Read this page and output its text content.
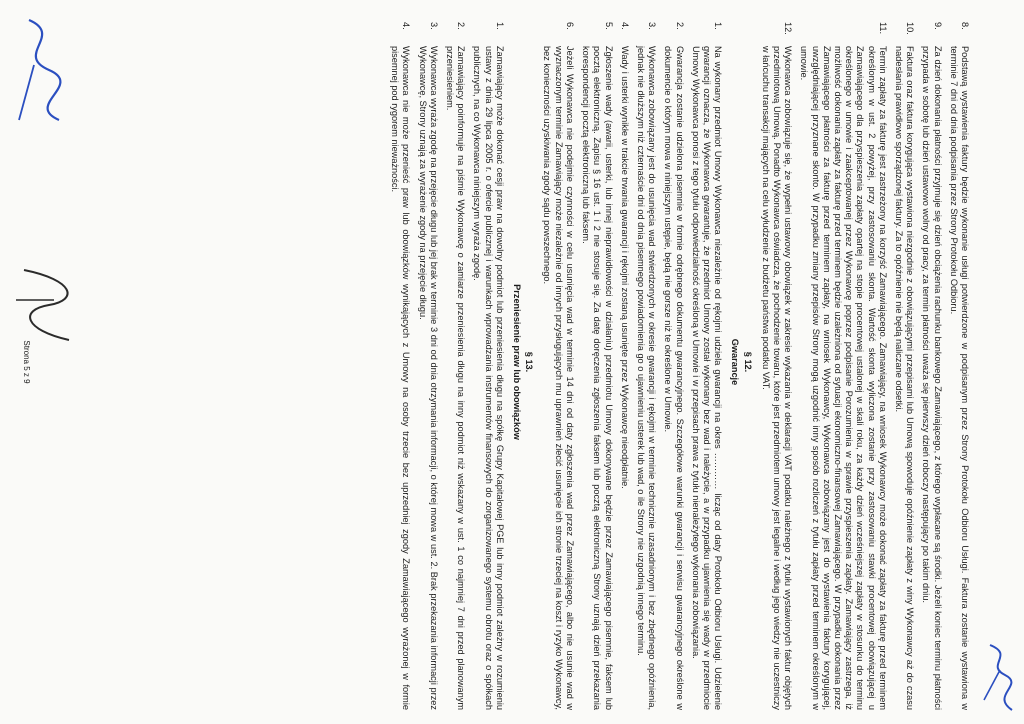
8.
Podstawą wystawienia faktury będzie wykonanie usługi potwierdzone w podpisanym przez Strony Protokołu Odbioru Usługi. Faktura zostanie wystawiona w terminie 7 dni od dnia podpisania przez Strony Protokołu Odbioru.
9.
Za dzień dokonania płatności przyjmuje się dzień obciążenia rachunku bankowego Zamawiającego, z którego wypłacane są środki. Jeżeli koniec terminu płatności przypada w sobotę lub dzień ustawowo wolny od pracy, za termin płatności uważa się pierwszy dzień roboczy następujący po takim dniu.
10.
Faktura oraz faktura korygująca wystawiona niezgodnie z obowiązującymi przepisami lub Umową spowoduje opóźnienie zapłaty z winy Wykonawcy aż do czasu nadesłania prawidłowo sporządzonej faktury. Za to opóźnienie nie będą naliczane odsetki.
11.
Termin zapłaty za fakturę jest zastrzeżony na korzyść Zamawiającego. Zamawiający, na wniosek Wykonawcy może dokonać zapłaty za fakturę przed terminem określonym w ust. 2 powyżej, przy zastosowaniu skonta. Wartość skonta wyliczona zostanie przy zastosowaniu stawki procentowej obowiązującej u Zamawiającego dla przyspieszenia zapłaty opartej na stopie procentowej ustalonej w skali roku, za każdy dzień wcześniejszej zapłaty w stosunku do terminu określonego w umowie i zaakceptowanej przez Wykonawcę poprzez podpisanie Porozumienia w sprawie przyspieszenia zapłaty. Zamawiający zastrzega, iż możliwość dokonania zapłaty za fakturę przed terminem będzie uzależniona od sytuacji ekonomiczno-finansowej Zamawiającego. W przypadku dokonania przez Zamawiającego płatności za fakturę przed terminem zapłaty, na wniosek Wykonawcy, Wykonawca zobowiązany jest do wystawienia faktury korygującej, uwzględniającej przyznane skonto. W przypadku zmiany przepisów Strony mogą uzgodnić inny sposób rozliczeń z tytułu zapłaty przed terminem określonym w umowie.
12.
Wykonawca zobowiązuje się, że wypełni ustawowy obowiązek w zakresie wykazania w deklaracji VAT podatku należnego z tytułu wystawionych faktur objętych przedmiotową Umową. Ponadto Wykonawca oświadcza, że pochodzenie towaru, które jest przedmiotem umowy jest legalne i według jego wiedzy nie uczestniczy w łańcuchu transakcji mających na celu wyłudzenie z budżetu państwa podatku VAT.
§ 12.
Gwarancje
1.
Na wykonany przedmiot Umowy Wykonawca niezależnie od rękojmi udziela gwarancji na okres ………… licząc od daty Protokołu Odbioru Usługi. Udzielenie gwarancji oznacza, że Wykonawca gwarantuje, że przedmiot Umowy został wykonany bez wad i należycie, a w przypadku ujawnienia się wady w przedmiocie Umowy Wykonawca ponosi z tego tytułu odpowiedzialność określoną w Umowie i w przepisach prawa z tytułu nienależytego wykonania zobowiązania.
2.
Gwarancja zostanie udzielona pisemnie w formie odrębnego dokumentu gwarancyjnego. Szczegółowe warunki gwarancji i serwisu gwarancyjnego określone w dokumencie o którym mowa w niniejszym ustępie, będą nie gorsze niż te określone w Umowie.
3.
Wykonawca zobowiązany jest do usunięcia wad stwierdzonych w okresie gwarancji i rękojmi w terminie technicznie uzasadnionym i bez zbędnego opóźnienia, jednak nie dłuższym niż czternaście dni od dnia pisemnego powiadomienia go o ujawnieniu usterek lub wad, o ile Strony nie uzgodnią innego terminu.
4.
Wady i usterki wynikłe w trakcie trwania gwarancji i rękojmi zostaną usunięte przez Wykonawcę nieodpłatnie.
5.
Zgłoszenie wady (awarii, usterki, lub innej nieprawidłowości w działaniu) przedmiotu Umowy dokonywane będzie przez Zamawiającego pisemnie, faksem lub pocztą elektroniczną. Zapisu § 16 ust. 1 i 2 nie stosuje się. Za datę doręczenia zgłoszenia faksem lub pocztą elektroniczną Strony uznają dzień przekazania korespondencji pocztą elektroniczną lub faksem.
6.
Jeżeli Wykonawca nie podejmie czynności w celu usunięcia wad w terminie 14 dni od daty zgłoszenia wad przez Zamawiającego, albo nie usunie wad w wyznaczonym terminie Zamawiający może niezależnie od innych przysługujących mu uprawnień zlecić usunięcie ich stronie trzeciej na koszt i ryzyko Wykonawcy, bez konieczności uzyskiwania zgody sądu powszechnego.
§ 13.
Przeniesienie praw lub obowiązków
1.
Zamawiający może dokonać cesji praw na dowolny podmiot lub przeniesienia długu na spółkę Grupy Kapitałowej PGE lub inny podmiot zależny w rozumieniu ustawy z dnia 29 lipca 2005 r. o ofercie publicznej i warunkach wprowadzania instrumentów finansowych do zorganizowanego systemu obrotu oraz o spółkach publicznych, na co Wykonawca niniejszym wyraża zgodę.
2.
Zamawiający poinformuje na piśmie Wykonawcę o zamiarze przeniesienia długu na inny podmiot niż wskazany w ust. 1 co najmniej 7 dni przed planowanym przeniesieniem.
3.
Wykonawca wyraża zgodę na przejęcie długu lub jej brak w terminie 3 dni od dnia otrzymania informacji, o której mowa w ust. 2. Brak przekazania informacji przez Wykonawcę, Strony uznają za wyrażenie zgody na przejęcie długu.
4.
Wykonawca nie może przenieść praw lub obowiązków wynikających z Umowy na osoby trzecie bez uprzedniej zgody Zamawiającego wyrażonej w formie pisemnej pod rygorem nieważności.
Strona 5 z 9
